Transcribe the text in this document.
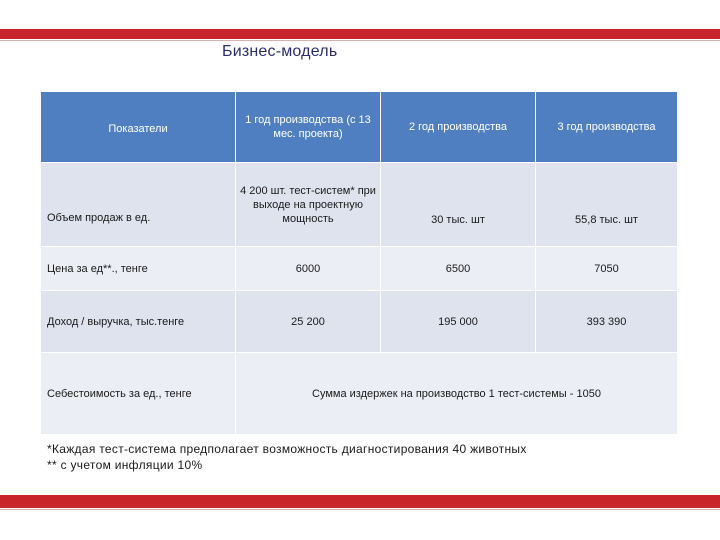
Бизнес-модель
Показатели	1 год производства (с 13 мес. проекта)	2 год производства	3 год производства
Объем продаж в ед.	4 200 шт. тест-систем* при выходе на проектную мощность	30 тыс. шт	55,8 тыс. шт
Цена за ед**., тенге	6000	6500	7050
Доход / выручка, тыс.тенге	25 200	195 000	393 390
Себестоимость за ед., тенге	Сумма издержек на производство 1 тест-системы - 1050		
*Каждая тест-система предполагает возможность диагностирования 40 животных
** с учетом инфляции 10%
